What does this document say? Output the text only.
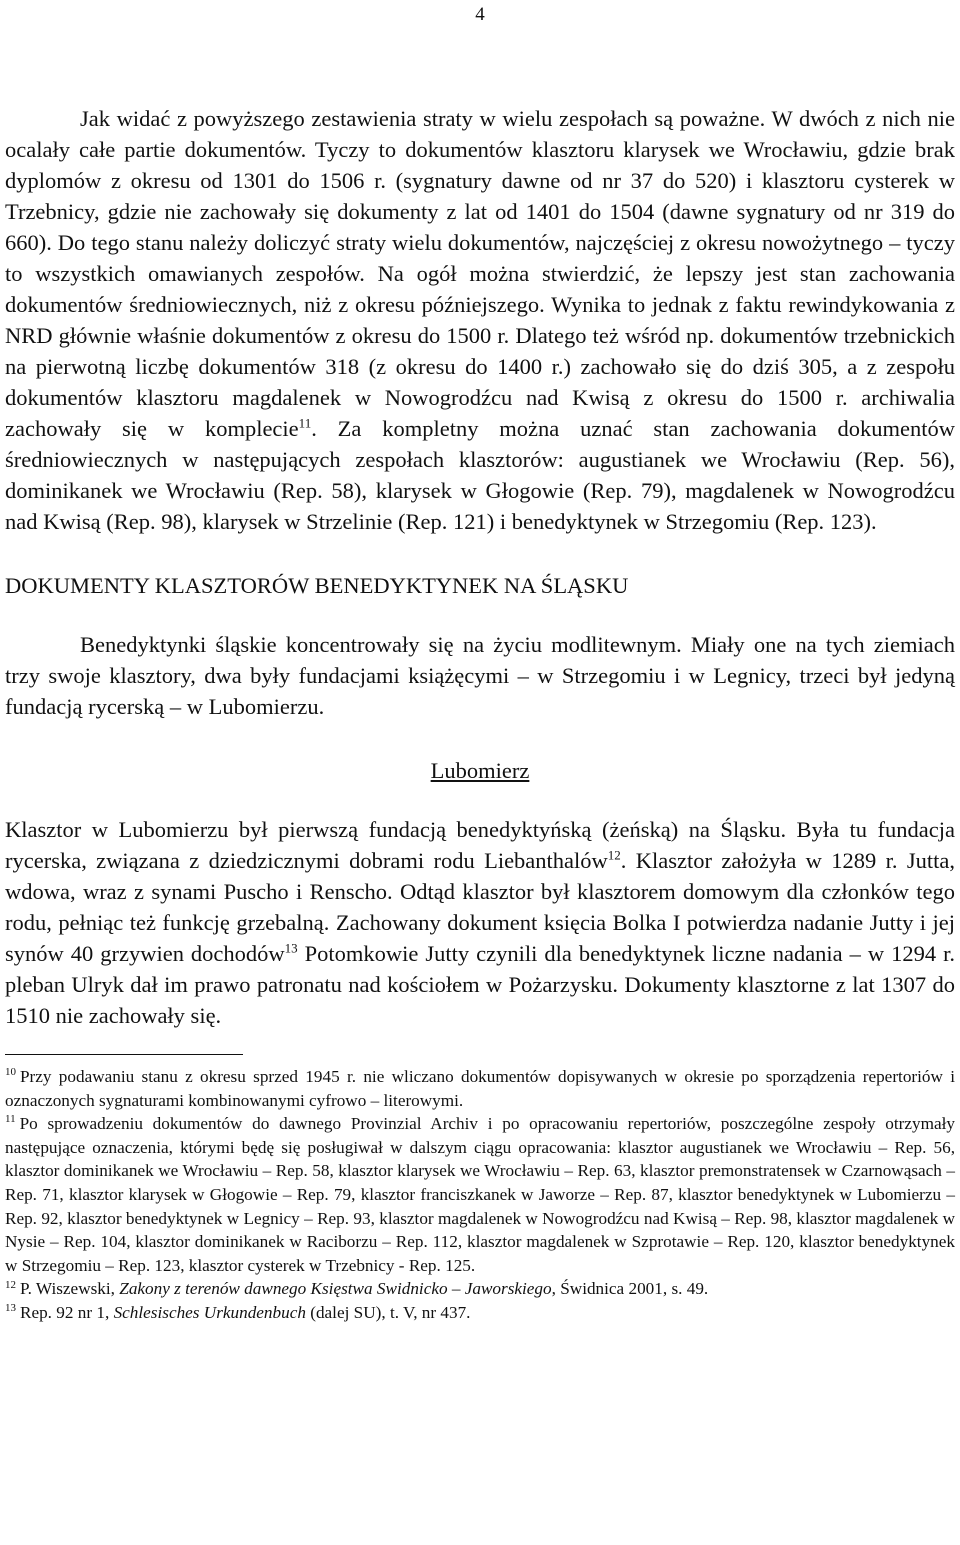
4

Jak widać z powyższego zestawienia straty w wielu zespołach są poważne. W dwóch z nich nie ocalały całe partie dokumentów. Tyczy to dokumentów klasztoru klarysek we Wrocławiu, gdzie brak dyplomów z okresu od 1301 do 1506 r. (sygnatury dawne od nr 37 do 520) i klasztoru cysterek w Trzebnicy, gdzie nie zachowały się dokumenty z lat od 1401 do 1504 (dawne sygnatury od nr 319 do 660). Do tego stanu należy doliczyć straty wielu dokumentów, najczęściej z okresu nowożytnego – tyczy to wszystkich omawianych zespołów. Na ogół można stwierdzić, że lepszy jest stan zachowania dokumentów średniowiecznych, niż z okresu późniejszego. Wynika to jednak z faktu rewindykowania z NRD głównie właśnie dokumentów z okresu do 1500 r. Dlatego też wśród np. dokumentów trzebnickich na pierwotną liczbę dokumentów 318 (z okresu do 1400 r.) zachowało się do dziś 305, a z zespołu dokumentów klasztoru magdalenek w Nowogrodźcu nad Kwisą z okresu do 1500 r. archiwalia zachowały się w komplecie$^{11}$. Za kompletny można uznać stan zachowania dokumentów średniowiecznych w następujących zespołach klasztorów: augustianek we Wrocławiu (Rep. 56), dominikanek we Wrocławiu (Rep. 58), klarysek w Głogowie (Rep. 79), magdalenek w Nowogrodźcu nad Kwisą (Rep. 98), klarysek w Strzelinie (Rep. 121) i benedyktynek w Strzegomiu (Rep. 123).

DOKUMENTY KLASZTORÓW BENEDYKTYNEK NA ŚLĄSKU

Benedyktynki śląskie koncentrowały się na życiu modlitewnym. Miały one na tych ziemiach trzy swoje klasztory, dwa były fundacjami książęcymi – w Strzegomiu i w Legnicy, trzeci był jedyną fundacją rycerską – w Lubomierzu.

Lubomierz

Klasztor w Lubomierzu był pierwszą fundacją benedyktyńską (żeńską) na Śląsku. Była tu fundacja rycerska, związana z dziedzicznymi dobrami rodu Liebanthalów$^{12}$. Klasztor założyła w 1289 r. Jutta, wdowa, wraz z synami Puscho i Renscho. Odtąd klasztor był klasztorem domowym dla członków tego rodu, pełniąc też funkcję grzebalną. Zachowany dokument księcia Bolka I potwierdza nadanie Jutty i jej synów 40 grzywien dochodów$^{13}$ Potomkowie Jutty czynili dla benedyktynek liczne nadania – w 1294 r. pleban Ulryk dał im prawo patronatu nad kościołem w Pożarzysku. Dokumenty klasztorne z lat 1307 do 1510 nie zachowały się.

$^{10}$ Przy podawaniu stanu z okresu sprzed 1945 r. nie wliczano dokumentów dopisywanych w okresie po sporządzenia repertoriów i oznaczonych sygnaturami kombinowanymi cyfrowo – literowymi.

$^{11}$ Po sprowadzeniu dokumentów do dawnego Provinzial Archiv i po opracowaniu repertoriów, poszczególne zespoły otrzymały następujące oznaczenia, którymi będę się posługiwał w dalszym ciągu opracowania: klasztor augustianek we Wrocławiu – Rep. 56, klasztor dominikanek we Wrocławiu – Rep. 58, klasztor klarysek we Wrocławiu – Rep. 63, klasztor premonstratensek w Czarnowąsach – Rep. 71, klasztor klarysek w Głogowie – Rep. 79, klasztor franciszkanek w Jaworze – Rep. 87, klasztor benedyktynek w Lubomierzu – Rep. 92, klasztor benedyktynek w Legnicy – Rep. 93, klasztor magdalenek w Nowogrodźcu nad Kwisą – Rep. 98, klasztor magdalenek w Nysie – Rep. 104, klasztor dominikanek w Raciborzu – Rep. 112, klasztor magdalenek w Szprotawie – Rep. 120, klasztor benedyktynek w Strzegomiu – Rep. 123, klasztor cysterek w Trzebnicy - Rep. 125.

$^{12}$ P. Wiszewski, Zakony z terenów dawnego Księstwa Swidnicko – Jaworskiego, Świdnica 2001, s. 49.

$^{13}$ Rep. 92 nr 1, Schlesisches Urkundenbuch (dalej SU), t. V, nr 437.
